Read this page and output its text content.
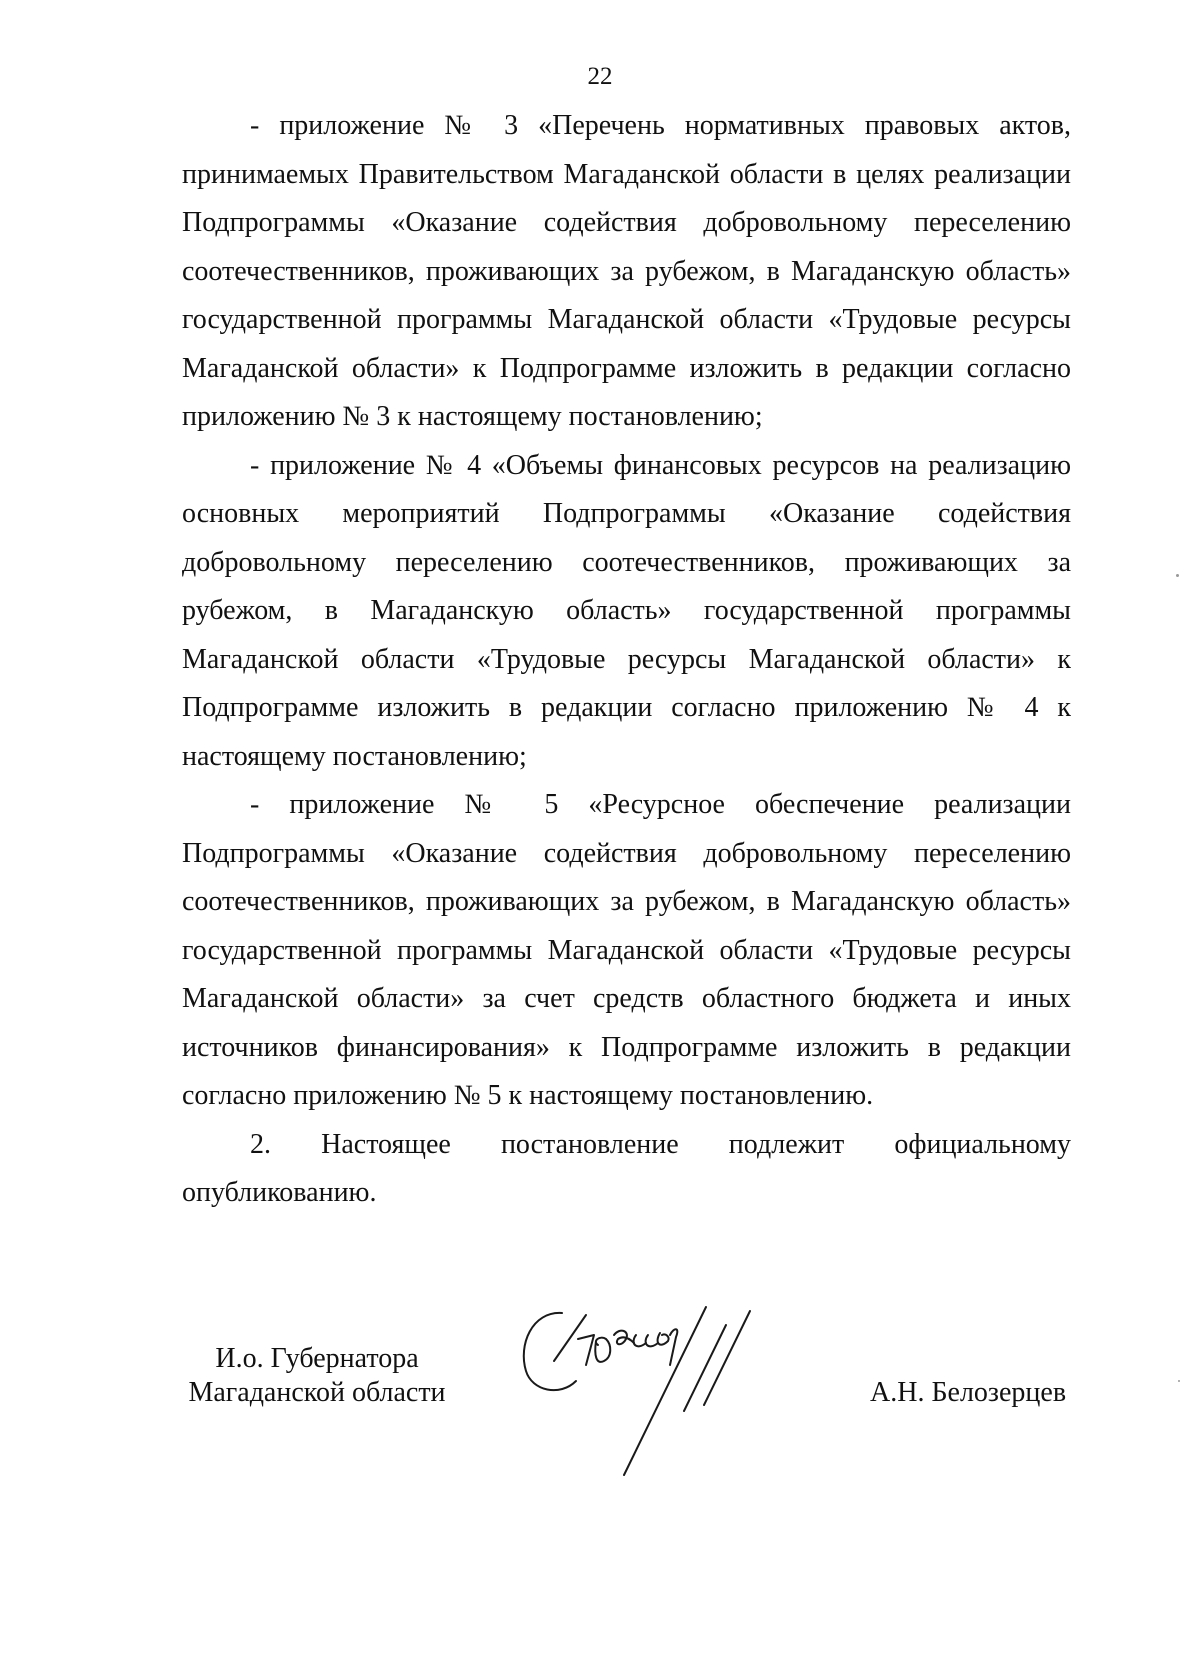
22

- приложение № 3 «Перечень нормативных правовых актов, принимаемых Правительством Магаданской области в целях реализации Подпрограммы «Оказание содействия добровольному переселению соотечественников, проживающих за рубежом, в Магаданскую область» государственной программы Магаданской области «Трудовые ресурсы Магаданской области» к Подпрограмме изложить в редакции согласно приложению № 3 к настоящему постановлению;

- приложение № 4 «Объемы финансовых ресурсов на реализацию основных мероприятий Подпрограммы «Оказание содействия добровольному переселению соотечественников, проживающих за рубежом, в Магаданскую область» государственной программы Магаданской области «Трудовые ресурсы Магаданской области» к Подпрограмме изложить в редакции согласно приложению № 4 к настоящему постановлению;

- приложение № 5 «Ресурсное обеспечение реализации Подпрограммы «Оказание содействия добровольному переселению соотечественников, проживающих за рубежом, в Магаданскую область» государственной программы Магаданской области «Трудовые ресурсы Магаданской области» за счет средств областного бюджета и иных источников финансирования» к Подпрограмме изложить в редакции согласно приложению № 5 к настоящему постановлению.

2. Настоящее постановление подлежит официальному опубликованию.

И.о. Губернатора
Магаданской области	А.Н. Белозерцев
